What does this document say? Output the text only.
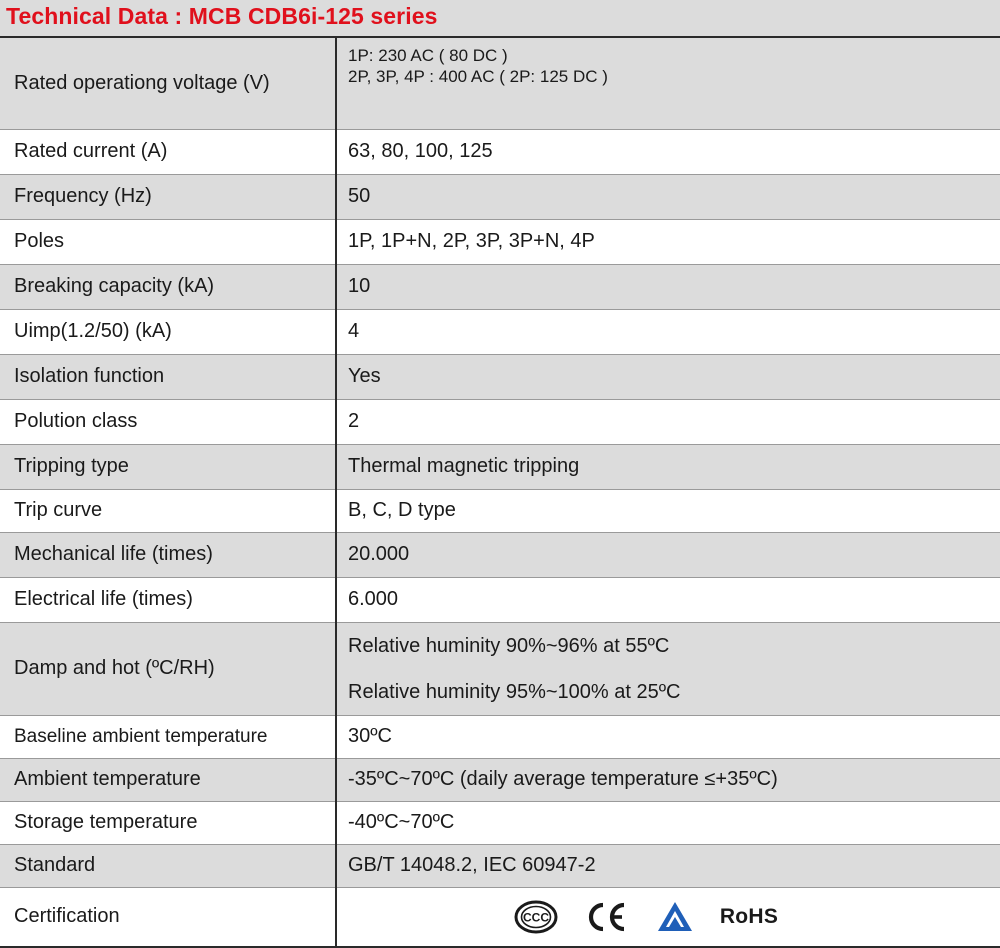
Technical Data : MCB CDB6i-125 series
Rated operationg voltage (V)	1P: 230 AC ( 80 DC )
2P, 3P, 4P : 400 AC ( 2P: 125 DC )

Rated current (A)	63, 80, 100, 125
Frequency (Hz)	50
Poles	1P, 1P+N, 2P, 3P, 3P+N, 4P
Breaking capacity (kA)	10
Uimp(1.2/50) (kA)	4
Isolation function	Yes
Polution class	2
Tripping type	Thermal magnetic tripping
Trip curve	B, C, D type
Mechanical life (times)	20.000
Electrical life (times)	6.000
Damp and hot (ºC/RH)	Relative huminity 90%~96% at 55ºC
Relative huminity 95%~100% at 25ºC

Baseline ambient temperature	30ºC
Ambient temperature	-35ºC~70ºC (daily average temperature ≤+35ºC)
Storage temperature	-40ºC~70ºC
Standard	GB/T 14048.2, IEC 60947-2
Certification	CCC RoHS
